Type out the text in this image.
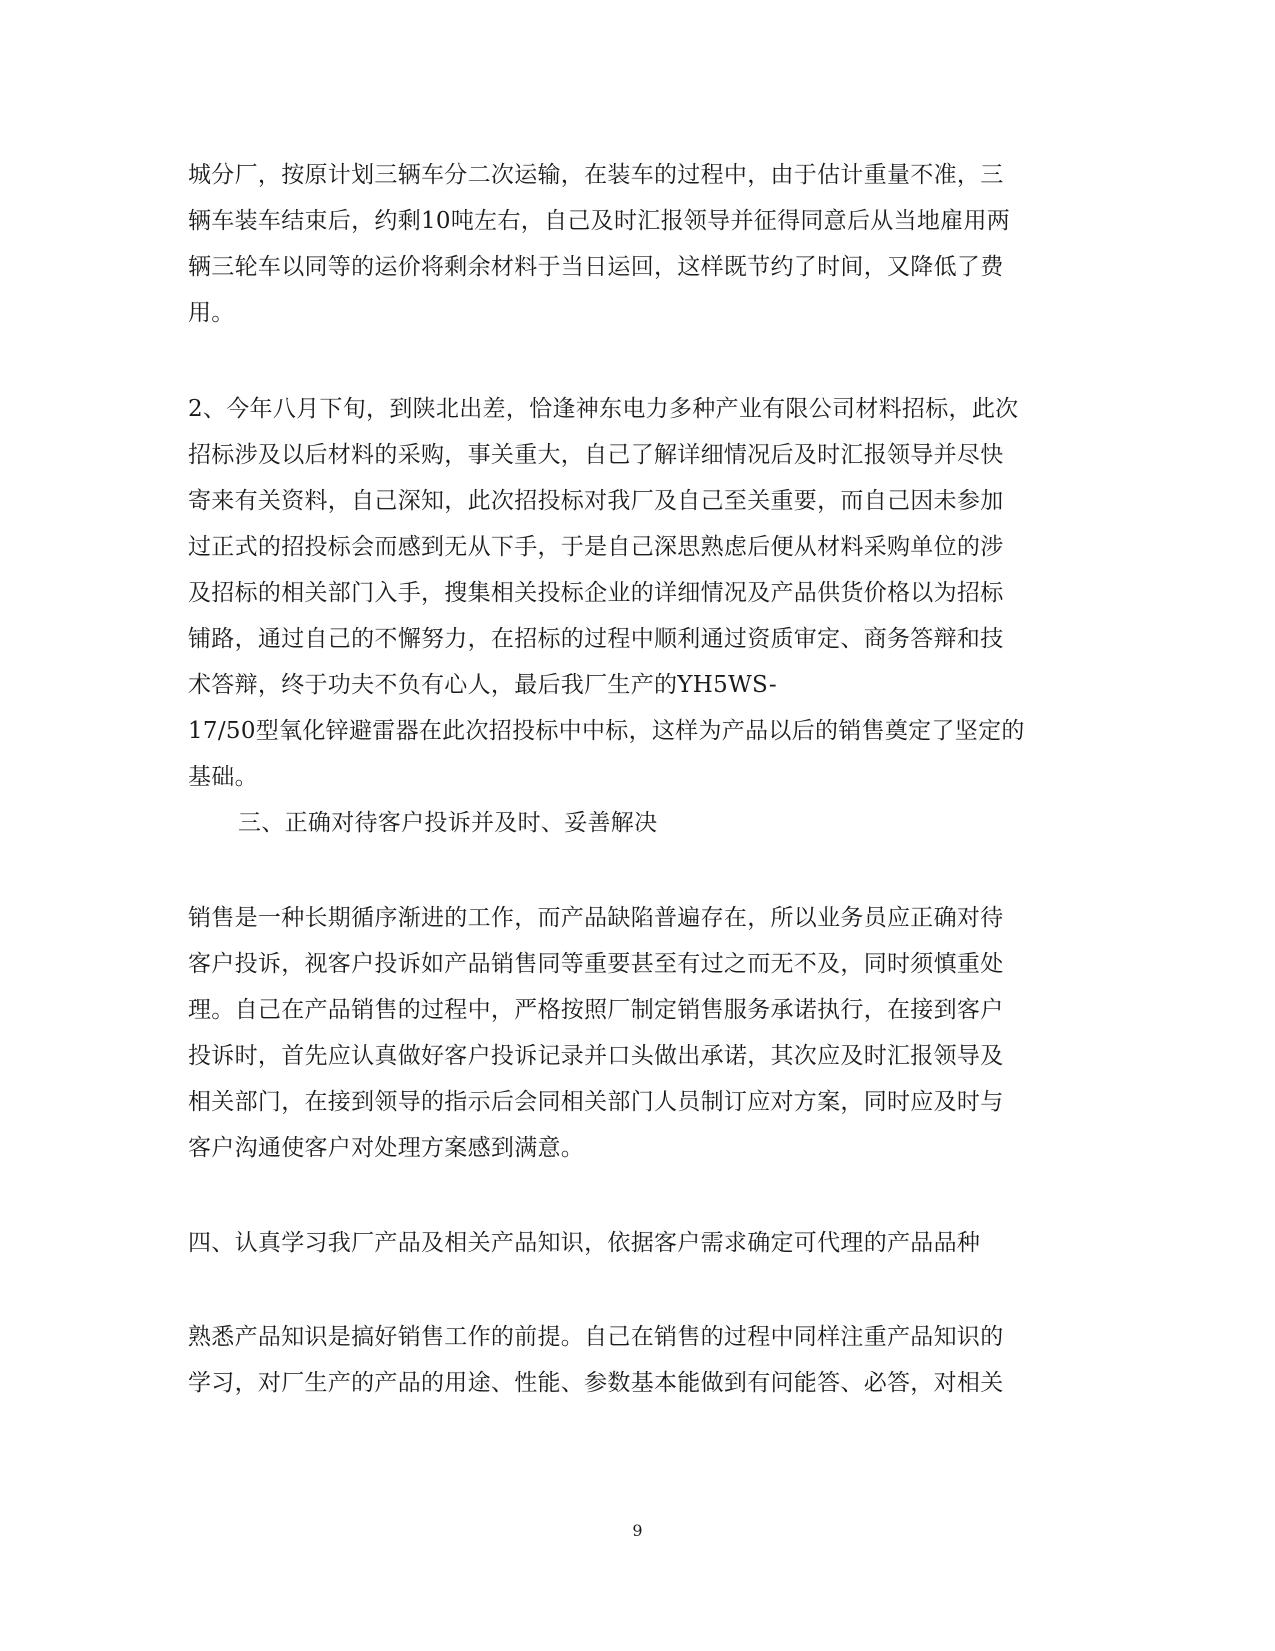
城分厂，按原计划三辆车分二次运输，在装车的过程中，由于估计重量不准，三
辆车装车结束后，约剩10吨左右，自己及时汇报领导并征得同意后从当地雇用两
辆三轮车以同等的运价将剩余材料于当日运回，这样既节约了时间，又降低了费
用。
2、今年八月下旬，到陕北出差，恰逢神东电力多种产业有限公司材料招标，此次
招标涉及以后材料的采购，事关重大，自己了解详细情况后及时汇报领导并尽快
寄来有关资料，自己深知，此次招投标对我厂及自己至关重要，而自己因未参加
过正式的招投标会而感到无从下手，于是自己深思熟虑后便从材料采购单位的涉
及招标的相关部门入手，搜集相关投标企业的详细情况及产品供货价格以为招标
铺路，通过自己的不懈努力，在招标的过程中顺利通过资质审定、商务答辩和技
术答辩，终于功夫不负有心人，最后我厂生产的YH5WS-
17/50型氧化锌避雷器在此次招投标中中标，这样为产品以后的销售奠定了坚定的
基础。
三、正确对待客户投诉并及时、妥善解决
销售是一种长期循序渐进的工作，而产品缺陷普遍存在，所以业务员应正确对待
客户投诉，视客户投诉如产品销售同等重要甚至有过之而无不及，同时须慎重处
理。自己在产品销售的过程中，严格按照厂制定销售服务承诺执行，在接到客户
投诉时，首先应认真做好客户投诉记录并口头做出承诺，其次应及时汇报领导及
相关部门，在接到领导的指示后会同相关部门人员制订应对方案，同时应及时与
客户沟通使客户对处理方案感到满意。
四、认真学习我厂产品及相关产品知识，依据客户需求确定可代理的产品品种
熟悉产品知识是搞好销售工作的前提。自己在销售的过程中同样注重产品知识的
学习，对厂生产的产品的用途、性能、参数基本能做到有问能答、必答，对相关
9
